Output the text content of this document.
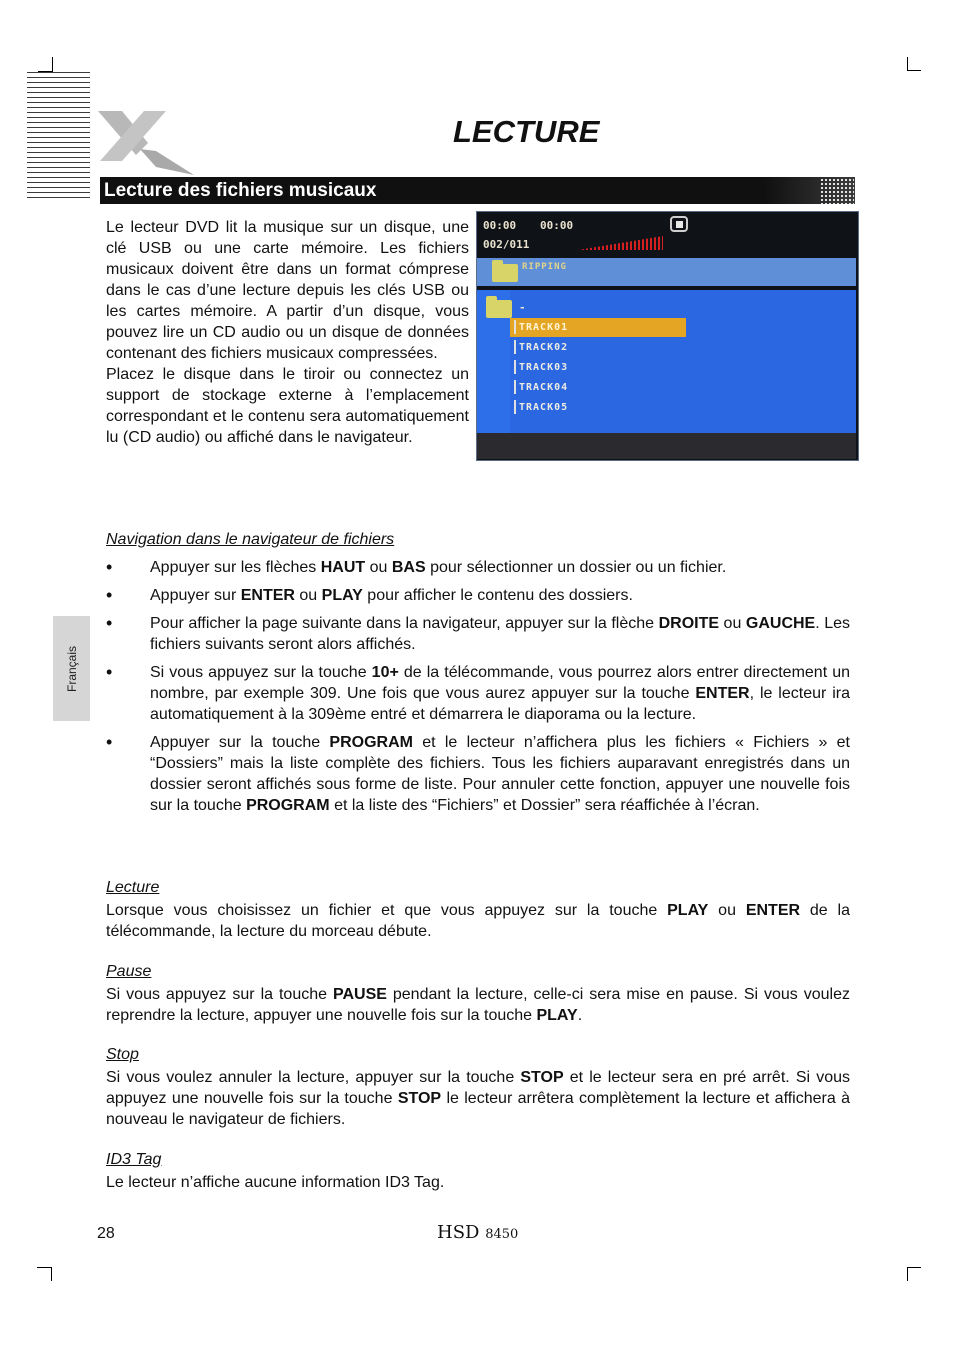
LECTURE
Lecture des fichiers musicaux

Le lecteur DVD lit la musique sur un disque, une clé USB ou une carte mémoire. Les fichiers musicaux doivent être dans un format cómprese dans le cas d’une lecture depuis les clés USB ou les cartes mémoire. A partir d’un disque, vous pouvez lire un CD audio ou un disque de données contenant des fichiers musicaux compressées.

Placez le disque dans le tiroir ou connectez un support de stockage externe à l’emplacement correspondant et le contenu sera automatiquement lu (CD audio) ou affiché dans le navigateur.

00:00 00:00
002/011
RIPPING
-
TRACK01
TRACK02
TRACK03
TRACK04
TRACK05

Navigation dans le navigateur de fichiers

• Appuyer sur les flèches HAUT ou BAS pour sélectionner un dossier ou un fichier.
• Appuyer sur ENTER ou PLAY pour afficher le contenu des dossiers.
• Pour afficher la page suivante dans la navigateur, appuyer sur la flèche DROITE ou GAUCHE. Les fichiers suivants seront alors affichés.
• Si vous appuyez sur la touche 10+ de la télécommande, vous pourrez alors entrer directement un nombre, par exemple 309. Une fois que vous aurez appuyer sur la touche ENTER, le lecteur ira automatiquement à la 309ème entré et démarrera le diaporama ou la lecture.
• Appuyer sur la touche PROGRAM et le lecteur n’affichera plus les fichiers « Fichiers » et “Dossiers” mais la liste complète des fichiers. Tous les fichiers auparavant enregistrés dans un dossier seront affichés sous forme de liste. Pour annuler cette fonction, appuyer une nouvelle fois sur la touche PROGRAM et la liste des “Fichiers” et Dossier” sera réaffichée à l’écran.

Lecture

Lorsque vous choisissez un fichier et que vous appuyez sur la touche PLAY ou ENTER de la télécommande, la lecture du morceau débute.

Pause

Si vous appuyez sur la touche PAUSE pendant la lecture, celle-ci sera mise en pause. Si vous voulez reprendre la lecture, appuyer une nouvelle fois sur la touche PLAY.

Stop

Si vous voulez annuler la lecture, appuyer sur la touche STOP et le lecteur sera en pré arrêt. Si vous appuyez une nouvelle fois sur la touche STOP le lecteur arrêtera complètement la lecture et affichera à nouveau le navigateur de fichiers.

ID3 Tag

Le lecteur n’affiche aucune information ID3 Tag.

Français

28	HSD 8450
